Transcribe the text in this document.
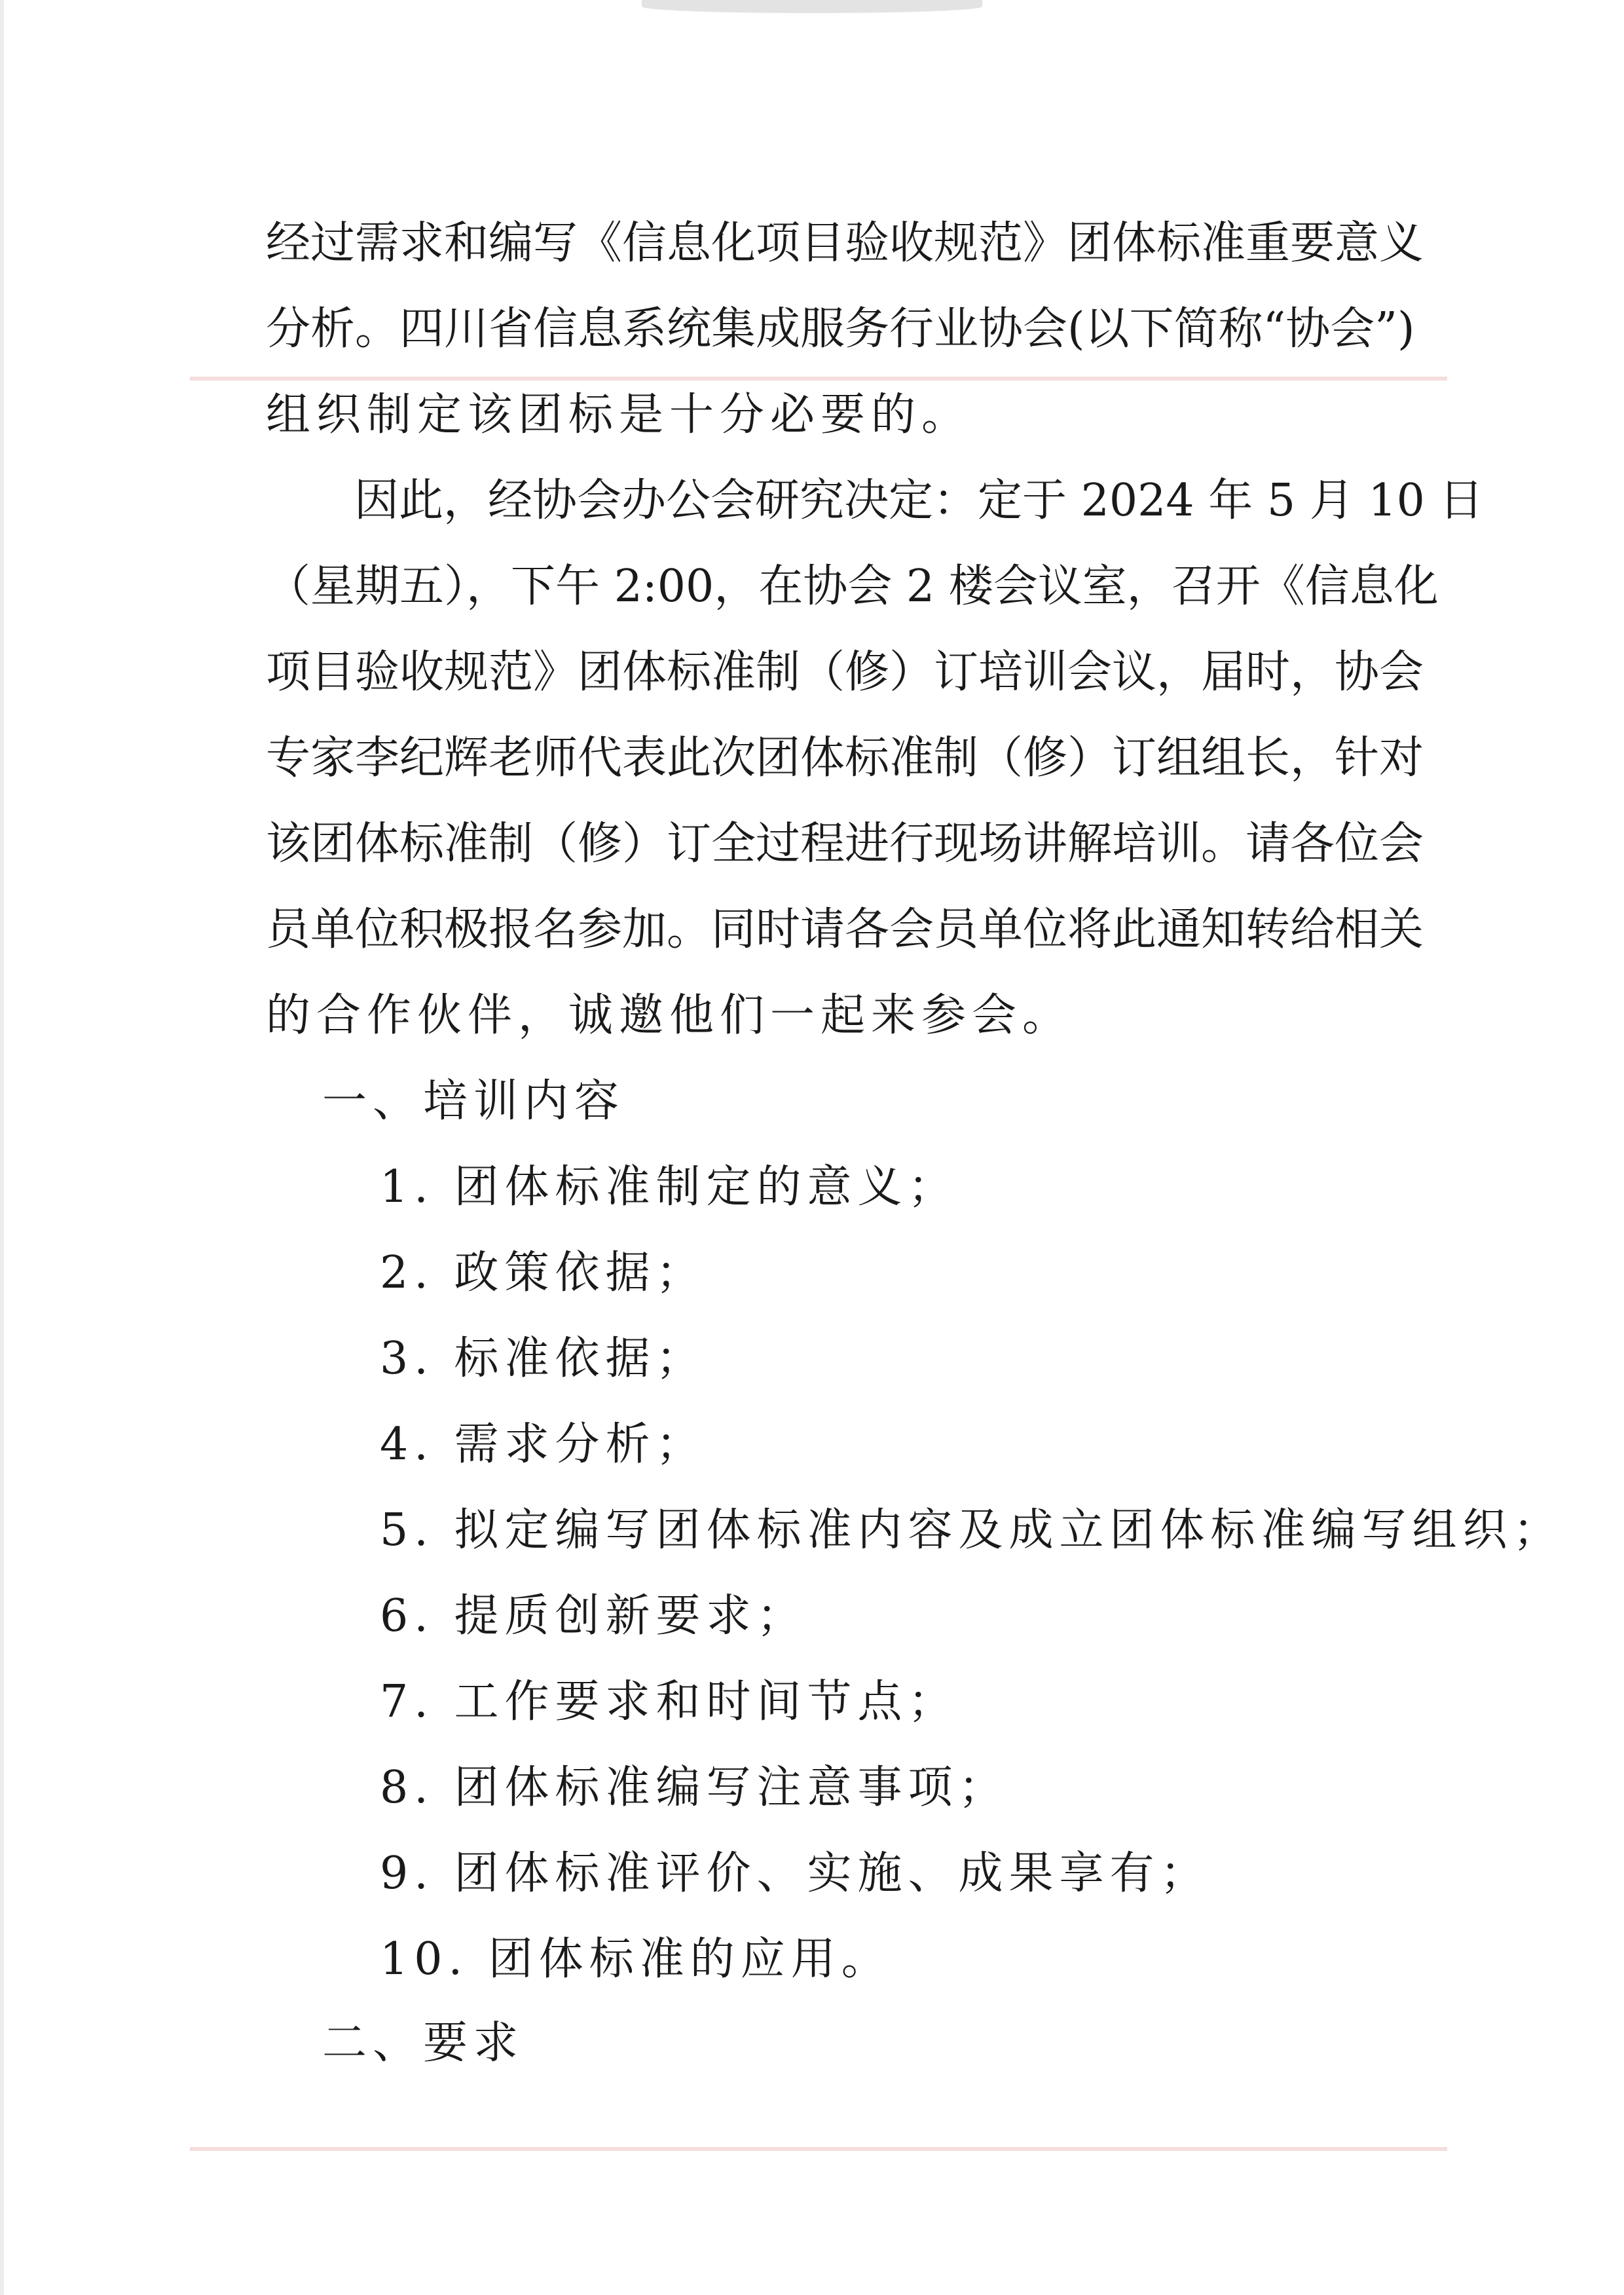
经过需求和编写《信息化项目验收规范》团体标准重要意义
分析。四川省信息系统集成服务行业协会(以下简称“协会”)
组织制定该团标是十分必要的。
因此，经协会办公会研究决定：定于 2024 年 5 月 10 日
（星期五），下午 2:00，在协会 2 楼会议室，召开《信息化
项目验收规范》团体标准制（修）订培训会议，届时，协会
专家李纪辉老师代表此次团体标准制（修）订组组长，针对
该团体标准制（修）订全过程进行现场讲解培训。请各位会
员单位积极报名参加。同时请各会员单位将此通知转给相关
的合作伙伴，诚邀他们一起来参会。
一、培训内容
1. 团体标准制定的意义；
2. 政策依据；
3. 标准依据；
4. 需求分析；
5. 拟定编写团体标准内容及成立团体标准编写组织；
6. 提质创新要求；
7. 工作要求和时间节点；
8. 团体标准编写注意事项；
9. 团体标准评价、实施、成果享有；
10. 团体标准的应用。
二、要求
